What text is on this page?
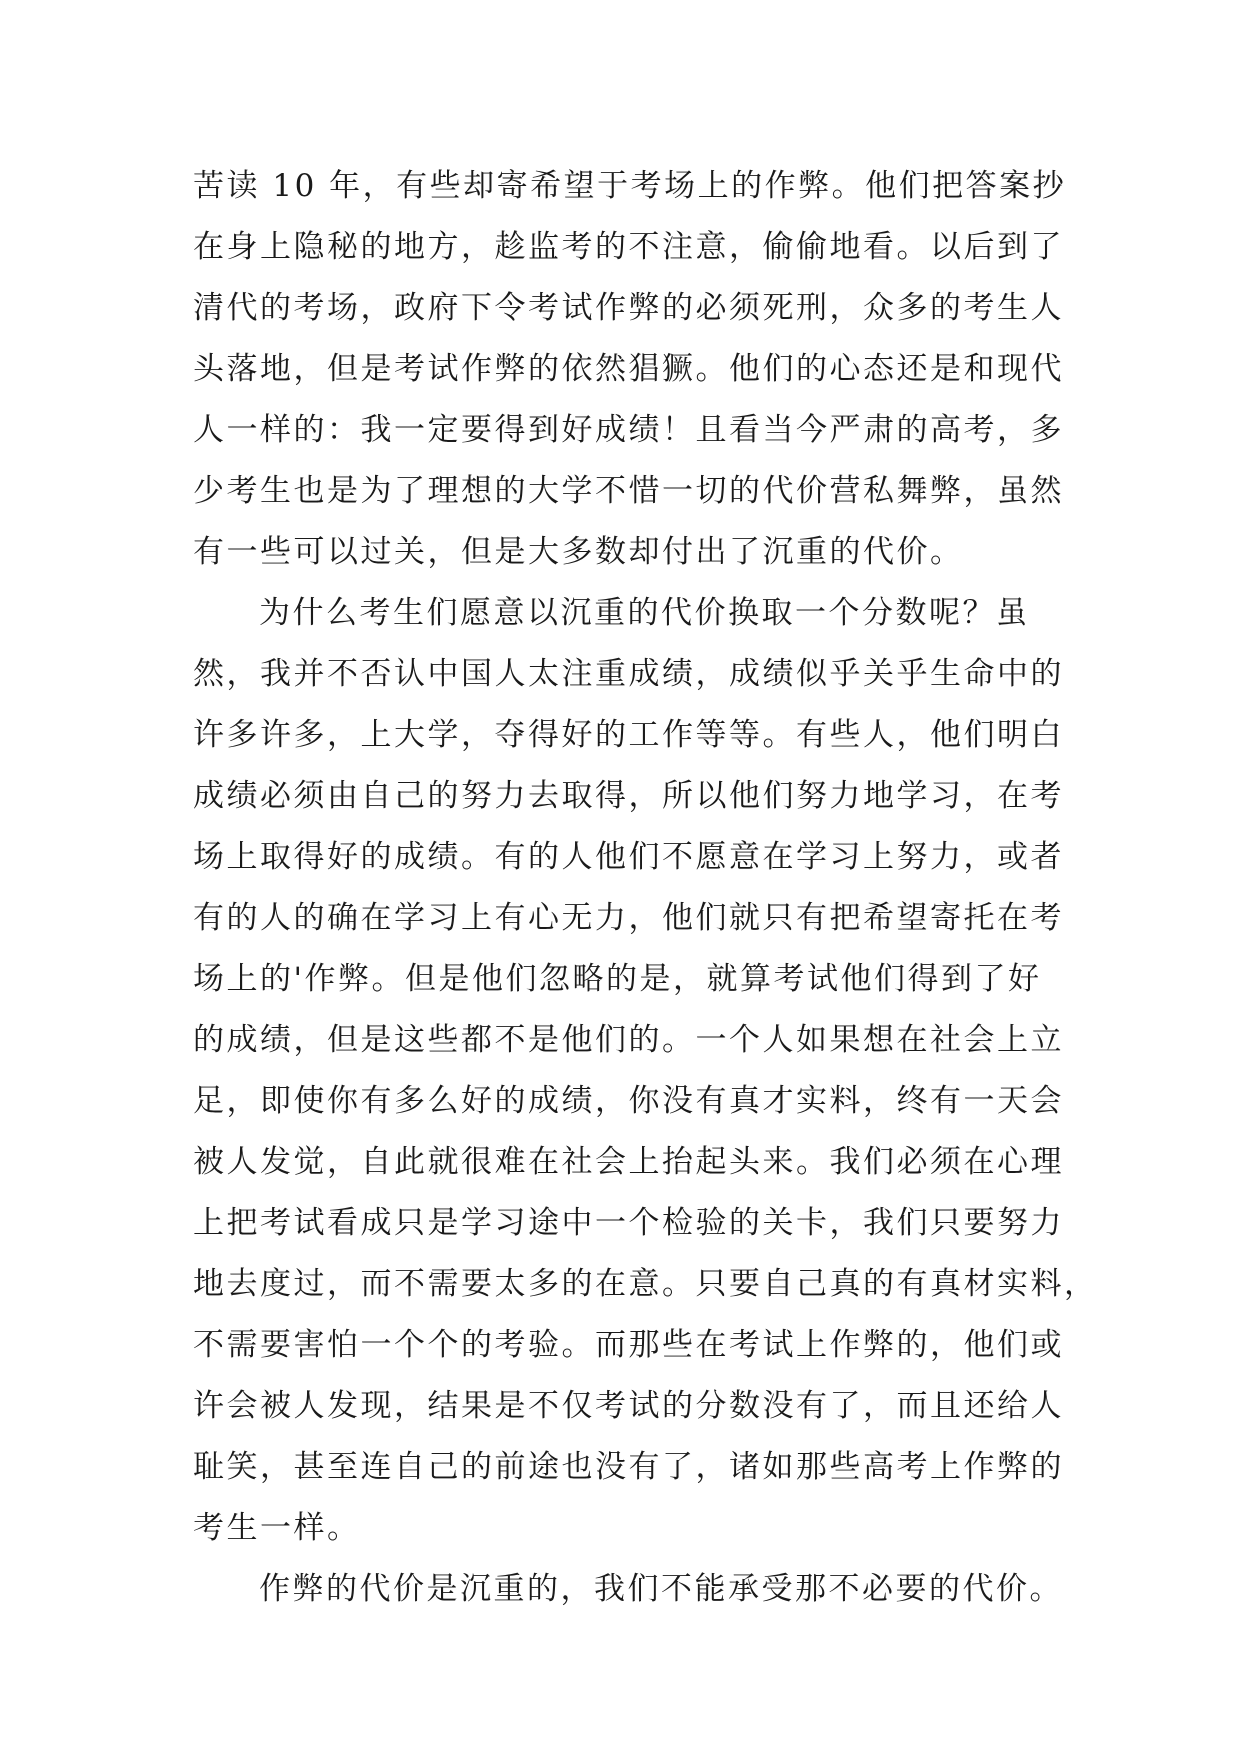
苦读 10 年，有些却寄希望于考场上的作弊。他们把答案抄
在身上隐秘的地方，趁监考的不注意，偷偷地看。以后到了
清代的考场，政府下令考试作弊的必须死刑，众多的考生人
头落地，但是考试作弊的依然猖獗。他们的心态还是和现代
人一样的：我一定要得到好成绩！且看当今严肃的高考，多
少考生也是为了理想的大学不惜一切的代价营私舞弊，虽然
有一些可以过关，但是大多数却付出了沉重的代价。
为什么考生们愿意以沉重的代价换取一个分数呢？虽
然，我并不否认中国人太注重成绩，成绩似乎关乎生命中的
许多许多，上大学，夺得好的工作等等。有些人，他们明白
成绩必须由自己的努力去取得，所以他们努力地学习，在考
场上取得好的成绩。有的人他们不愿意在学习上努力，或者
有的人的确在学习上有心无力，他们就只有把希望寄托在考
场上的'作弊。但是他们忽略的是，就算考试他们得到了好
的成绩，但是这些都不是他们的。一个人如果想在社会上立
足，即使你有多么好的成绩，你没有真才实料，终有一天会
被人发觉，自此就很难在社会上抬起头来。我们必须在心理
上把考试看成只是学习途中一个检验的关卡，我们只要努力
地去度过，而不需要太多的在意。只要自己真的有真材实料，
不需要害怕一个个的考验。而那些在考试上作弊的，他们或
许会被人发现，结果是不仅考试的分数没有了，而且还给人
耻笑，甚至连自己的前途也没有了，诸如那些高考上作弊的
考生一样。
作弊的代价是沉重的，我们不能承受那不必要的代价。
